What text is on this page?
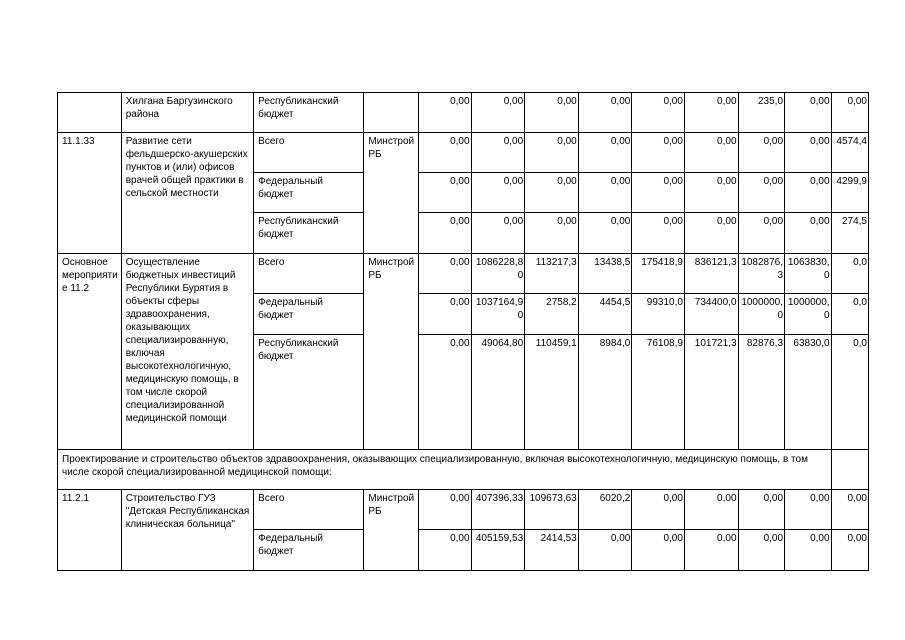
	Хилгана Баргузинского района	Республиканский бюджет		0,00	0,00	0,00	0,00	0,00	0,00	235,0	0,00	0,00
11.1.33	Развитие сети фельдшерско-акушерских пунктов и (или) офисов врачей общей практики в сельской местности	Всего	Минстрой РБ	0,00	0,00	0,00	0,00	0,00	0,00	0,00	0,00	4574,4
		Федеральный бюджет		0,00	0,00	0,00	0,00	0,00	0,00	0,00	0,00	4299,9
		Республиканский бюджет		0,00	0,00	0,00	0,00	0,00	0,00	0,00	0,00	274,5
Основное мероприятие 11.2	Осуществление бюджетных инвестиций Республики Бурятия в объекты сферы здравоохранения, оказывающих специализированную, включая высокотехнологичную, медицинскую помощь, в том числе скорой специализированной медицинской помощи	Всего	Минстрой РБ	0,00	1086228,80	113217,3	13438,5	175418,9	836121,3	1082876,3	1063830,0	0,0
		Федеральный бюджет		0,00	1037164,90	2758,2	4454,5	99310,0	734400,0	1000000,0	1000000,0	0,0
		Республиканский бюджет		0,00	49064,80	110459,1	8984,0	76108,9	101721,3	82876,3	63830,0	0,0
Проектирование и строительство объектов здравоохранения, оказывающих специализированную, включая высокотехнологичную, медицинскую помощь, в том числе скорой специализированной медицинской помощи:												
11.2.1	Строительство ГУЗ "Детская Республиканская клиническая больница"	Всего	Минстрой РБ	0,00	407396,33	109673,63	6020,2	0,00	0,00	0,00	0,00	0,00
		Федеральный бюджет		0,00	405159,53	2414,53	0,00	0,00	0,00	0,00	0,00	0,00
